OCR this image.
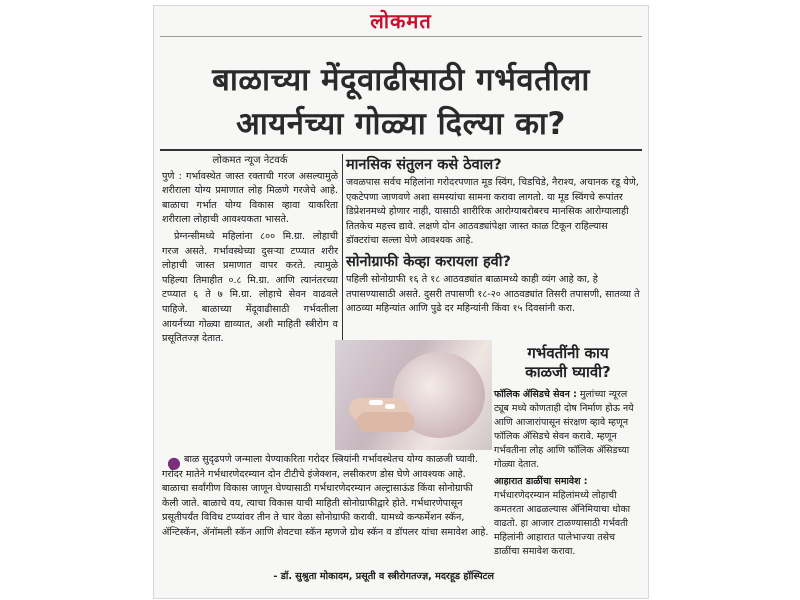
लोकमत
बाळाच्या मेंदूवाढीसाठी गर्भवतीला
आयर्नच्या गोळ्या दिल्या का?
लोकमत न्यूज नेटवर्क

पुणे : गर्भावस्थेत जास्त रक्ताची गरज असल्यामुळे शरीराला योग्य प्रमाणात लोह मिळणे गरजेचे आहे. बाळाचा गर्भात योग्य विकास व्हावा याकरिता शरीराला लोहाची आवश्यकता भासते.

प्रेग्नन्सीमध्ये महिलांना ८०० मि.ग्रा. लोहाची गरज असते. गर्भावस्थेच्या दुसऱ्या टप्प्यात शरीर लोहाची जास्त प्रमाणात वापर करते. त्यामुळे पहिल्या तिमाहीत ०.८ मि.ग्रा. आणि त्यानंतरच्या टप्प्यात ६ ते ७ मि.ग्रा. लोहाचे सेवन वाढवले पाहिजे. बाळाच्या मेंदूवाढीसाठी गर्भवतीला आयर्नच्या गोळ्या द्याव्यात, अशी माहिती स्त्रीरोग व प्रसूतितज्ज्ञ देतात.

मानसिक संतुलन कसे ठेवाल?

जवळपास सर्वच महिलांना गरोदरपणात मूड स्विंग, चिडचिडे, नैराश्य, अचानक रडू येणे, एकटेपणा जाणवणे अशा समस्यांचा सामना करावा लागतो. या मूड स्विंगचे रूपांतर डिप्रेशनमध्ये होणार नाही, यासाठी शारीरिक आरोग्याबरोबरच मानसिक आरोग्यालाही तितकेच महत्त्व द्यावे. लक्षणे दोन आठवड्यांपेक्षा जास्त काळ टिकून राहिल्यास डॉक्टरांचा सल्ला घेणे आवश्यक आहे.

सोनोग्राफी केव्हा करायला हवी?

पहिली सोनोग्राफी १६ ते १८ आठवड्यांत बाळामध्ये काही व्यंग आहे का, हे तपासण्यासाठी असते. दुसरी तपासणी १८-२० आठवड्यांत तिसरी तपासणी, सातव्या ते आठव्या महिन्यांत आणि पुढे दर महिन्यांनी किंवा १५ दिवसांनी करा.

गर्भवतींनी काय
काळजी घ्यावी?

फॉलिक ॲसिडचे सेवन : मुलांच्या न्यूरल ट्यूब मध्ये कोणताही दोष निर्माण होऊ नये आणि आजारांपासून संरक्षण व्हावे म्हणून फॉलिक ॲसिडचे सेवन करावे. म्हणून गर्भवतीना लोह आणि फॉलिक ॲसिडच्या गोळ्या देतात.

आहारात डाळींचा समावेश : गर्भधारणेदरम्यान महिलांमध्ये लोहाची कमतरता आढळल्यास ॲनिमियाचा धोका वाढतो. हा आजार टाळण्यासाठी गर्भवती महिलांनी आहारात पालेभाज्या तसेच डाळींचा समावेश करावा.

● बाळ सुदृढपणे जन्माला येण्याकरिता गरोदर स्त्रियांनी गर्भावस्थेतच योग्य काळजी घ्यावी. गरोदर मातेने गर्भधारणेदरम्यान दोन टीटीचे इंजेक्शन, लसीकरण डोस घेणे आवश्यक आहे. बाळाचा सर्वांगीण विकास जाणून घेण्यासाठी गर्भधारणेदरम्यान अल्ट्रासाऊंड किंवा सोनोग्राफी केली जाते. बाळाचे वय, त्याचा विकास याची माहिती सोनोग्राफीद्वारे होते. गर्भधारणेपासून प्रसूतीपर्यंत विविध टप्प्यांवर तीन ते चार वेळा सोनोग्राफी करावी. यामध्ये कन्फर्मेशन स्कॅन, ॲन्टिस्कॅन, ॲनॉमली स्कॅन आणि शेवटचा स्कॅन म्हणजे ग्रोथ स्कॅन व डॉपलर यांचा समावेश आहे.

- डॉ. सुश्रुता मोकादम, प्रसूती व स्त्रीरोगतज्ज्ञ, मदरहूड हॉस्पिटल
